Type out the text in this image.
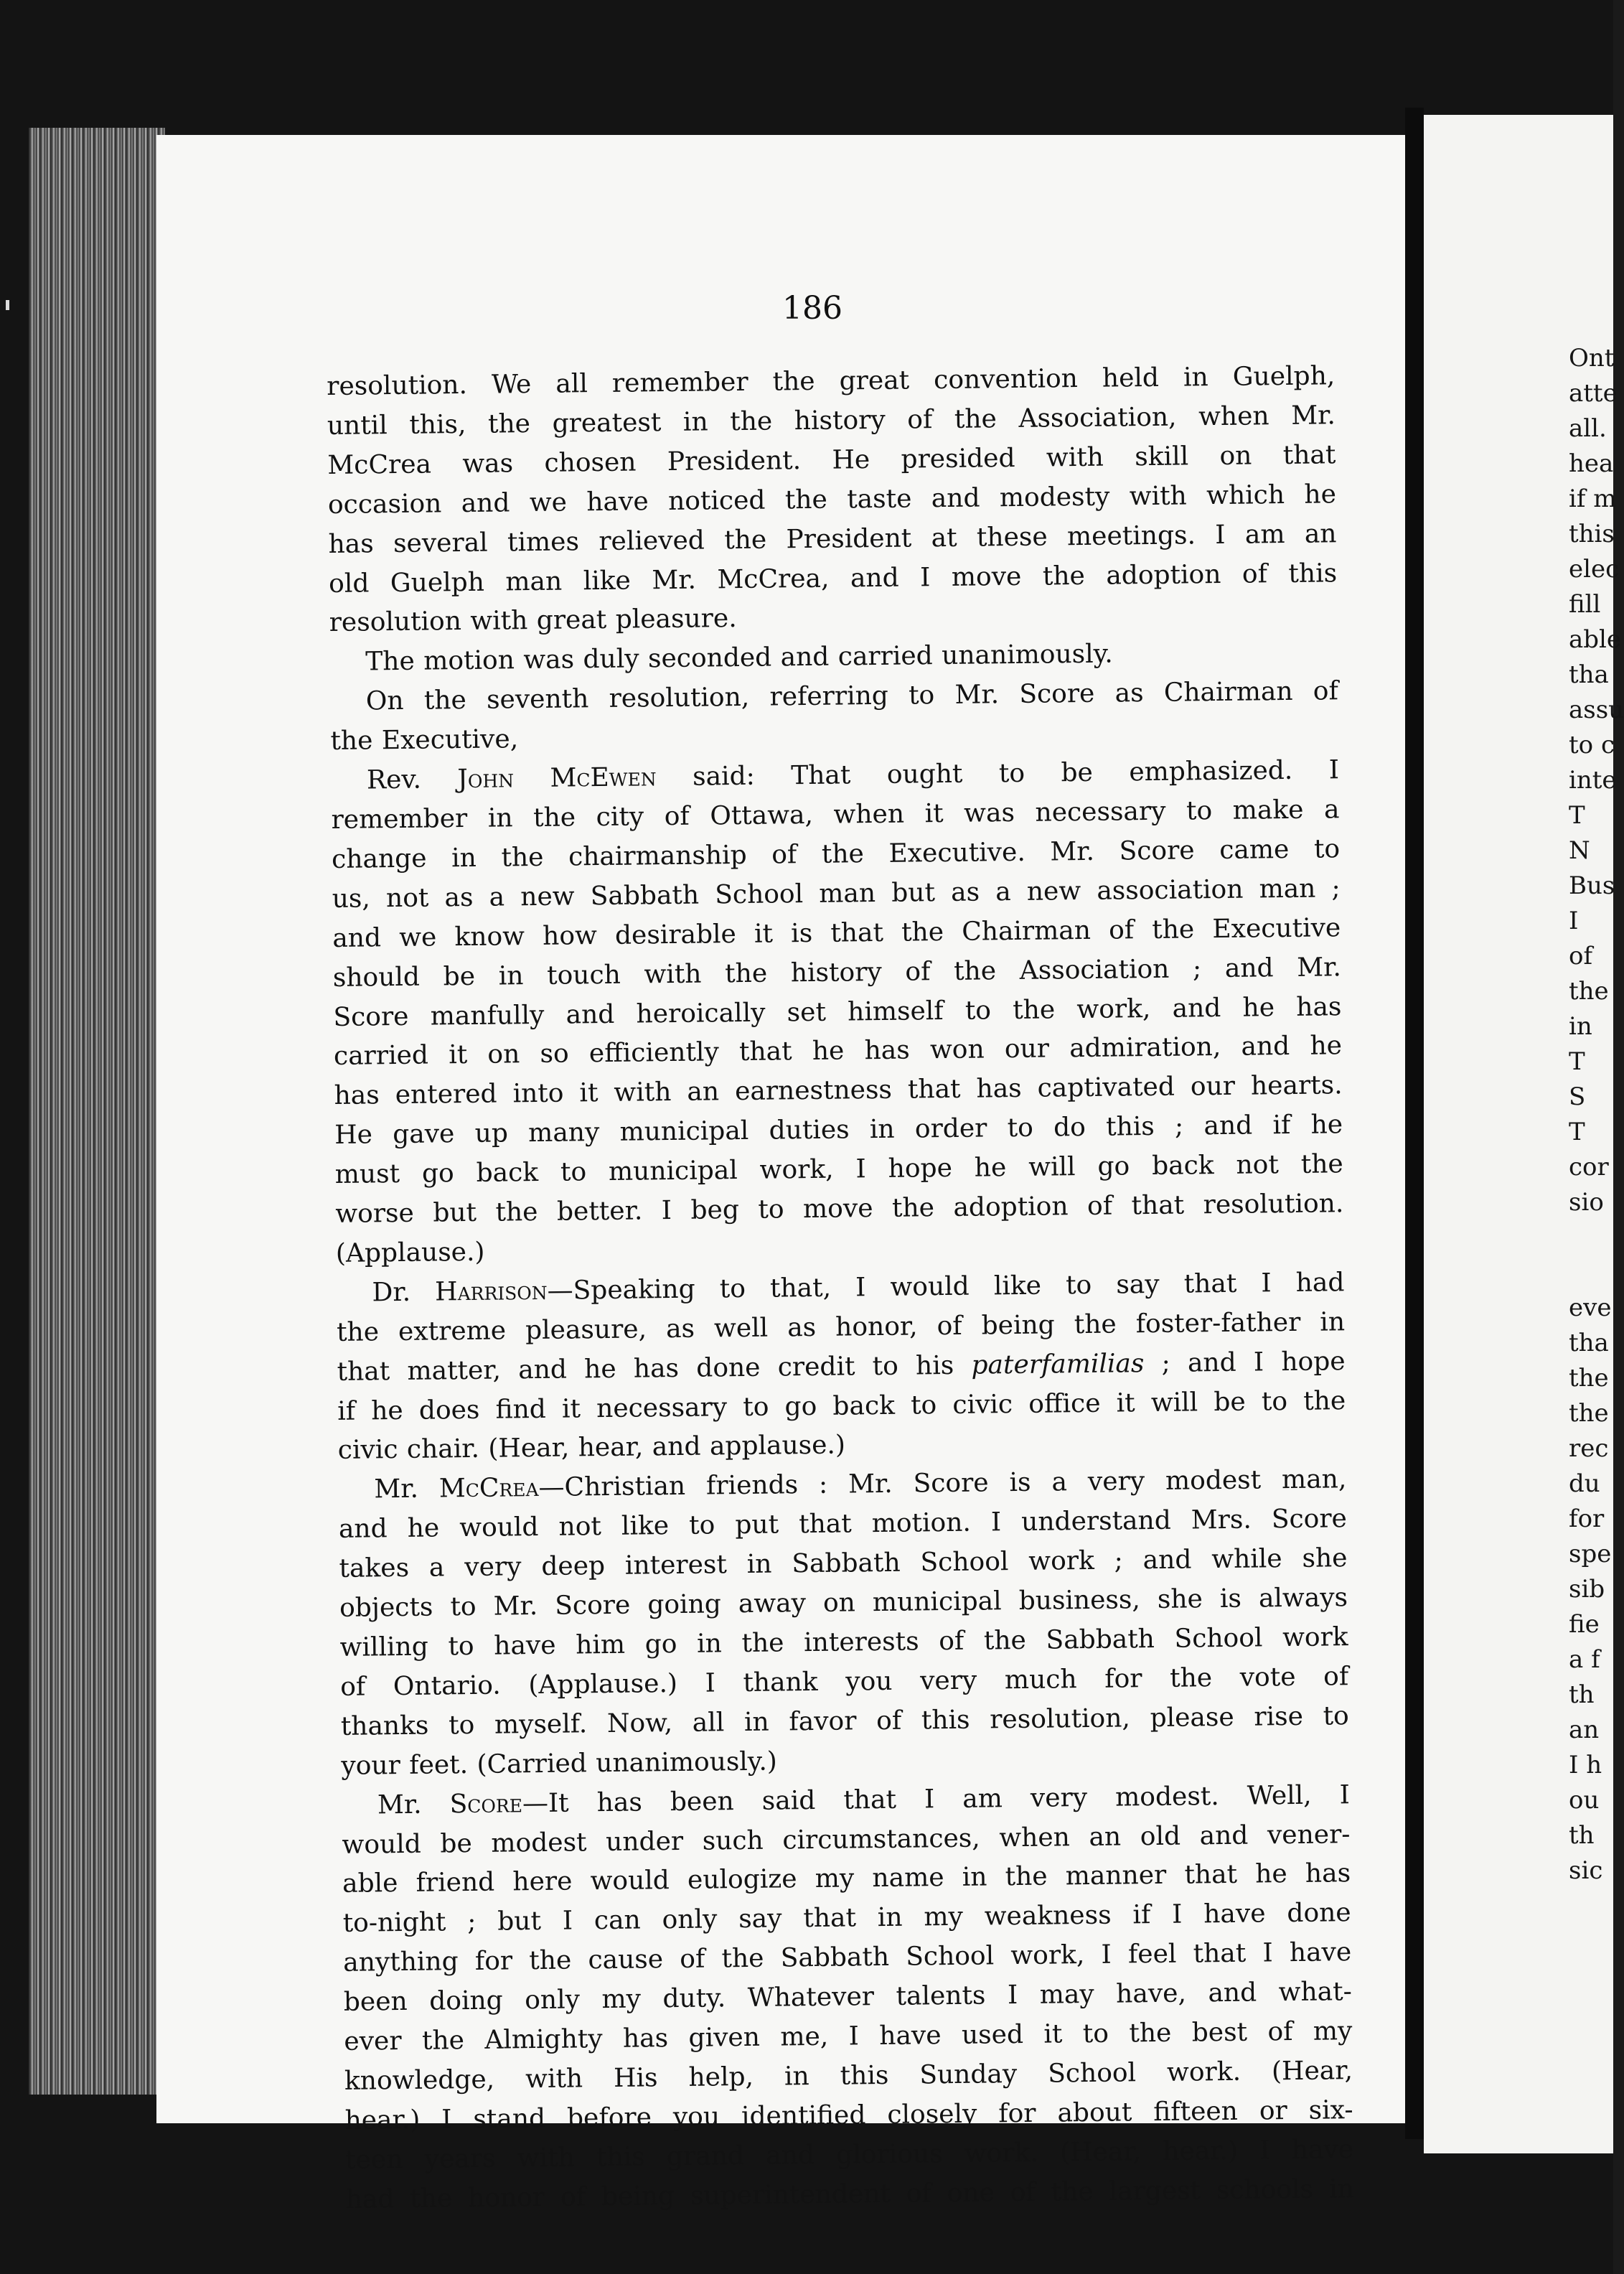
186

resolution. We all remember the great convention held in Guelph,

until this, the greatest in the history of the Association, when Mr.

McCrea was chosen President. He presided with skill on that

occasion and we have noticed the taste and modesty with which he

has several times relieved the President at these meetings. I am an

old Guelph man like Mr. McCrea, and I move the adoption of this

resolution with great pleasure.

The motion was duly seconded and carried unanimously.

On the seventh resolution, referring to Mr. Score as Chairman of

the Executive,

Rev. John McEwen said: That ought to be emphasized. I

remember in the city of Ottawa, when it was necessary to make a

change in the chairmanship of the Executive. Mr. Score came to

us, not as a new Sabbath School man but as a new association man ;

and we know how desirable it is that the Chairman of the Executive

should be in touch with the history of the Association ; and Mr.

Score manfully and heroically set himself to the work, and he has

carried it on so efficiently that he has won our admiration, and he

has entered into it with an earnestness that has captivated our hearts.

He gave up many municipal duties in order to do this ; and if he

must go back to municipal work, I hope he will go back not the

worse but the better. I beg to move the adoption of that resolution.

(Applause.)

Dr. Harrison—Speaking to that, I would like to say that I had

the extreme pleasure, as well as honor, of being the foster-father in

that matter, and he has done credit to his paterfamilias ; and I hope

if he does find it necessary to go back to civic office it will be to the

civic chair. (Hear, hear, and applause.)

Mr. McCrea—Christian friends : Mr. Score is a very modest man,

and he would not like to put that motion. I understand Mrs. Score

takes a very deep interest in Sabbath School work ; and while she

objects to Mr. Score going away on municipal business, she is always

willing to have him go in the interests of the Sabbath School work

of Ontario. (Applause.) I thank you very much for the vote of

thanks to myself. Now, all in favor of this resolution, please rise to

your feet. (Carried unanimously.)

Mr. Score—It has been said that I am very modest. Well, I

would be modest under such circumstances, when an old and vener-

able friend here would eulogize my name in the manner that he has

to-night ; but I can only say that in my weakness if I have done

anything for the cause of the Sabbath School work, I feel that I have

been doing only my duty. Whatever talents I may have, and what-

ever the Almighty has given me, I have used it to the best of my

knowledge, with His help, in this Sunday School work. (Hear,

hear.) I stand before you identified closely for about fifteen or six-

teen years with this grand and glorious work. (Hear, hear.) I have

had the honor of being superintendent of one of the largest schools in

Ont
atte
all.
hea
if m
this
elec
fill
able
tha
assu
to c
inte
T
N
Bus
I
of
the
in
T
S
T
cor
sio
eve
tha
the
the
rec
du
for
spe
sib
fie
a f
th
an
I h
ou
th
sic
